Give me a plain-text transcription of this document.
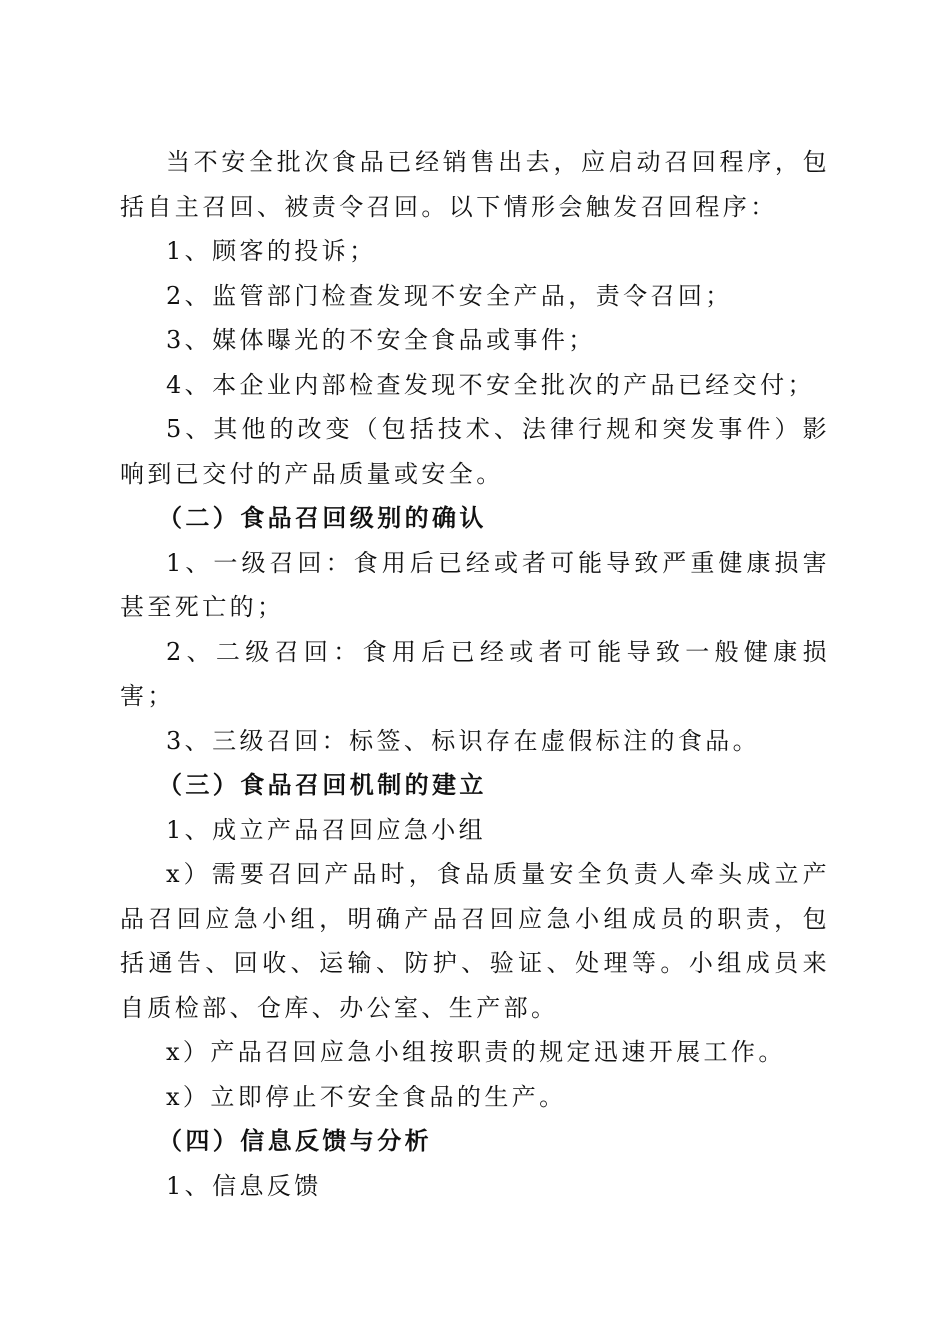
当不安全批次食品已经销售出去，应启动召回程序，包括自主召回、被责令召回。以下情形会触发召回程序：

1、顾客的投诉；

2、监管部门检查发现不安全产品，责令召回；

3、媒体曝光的不安全食品或事件；

4、本企业内部检查发现不安全批次的产品已经交付；

5、其他的改变（包括技术、法律行规和突发事件）影响到已交付的产品质量或安全。

（二）食品召回级别的确认

1、一级召回：食用后已经或者可能导致严重健康损害甚至死亡的；

2、二级召回：食用后已经或者可能导致一般健康损害；

3、三级召回：标签、标识存在虚假标注的食品。

（三）食品召回机制的建立

1、成立产品召回应急小组

x）需要召回产品时，食品质量安全负责人牵头成立产品召回应急小组，明确产品召回应急小组成员的职责，包括通告、回收、运输、防护、验证、处理等。小组成员来自质检部、仓库、办公室、生产部。

x）产品召回应急小组按职责的规定迅速开展工作。

x）立即停止不安全食品的生产。

（四）信息反馈与分析

1、信息反馈
